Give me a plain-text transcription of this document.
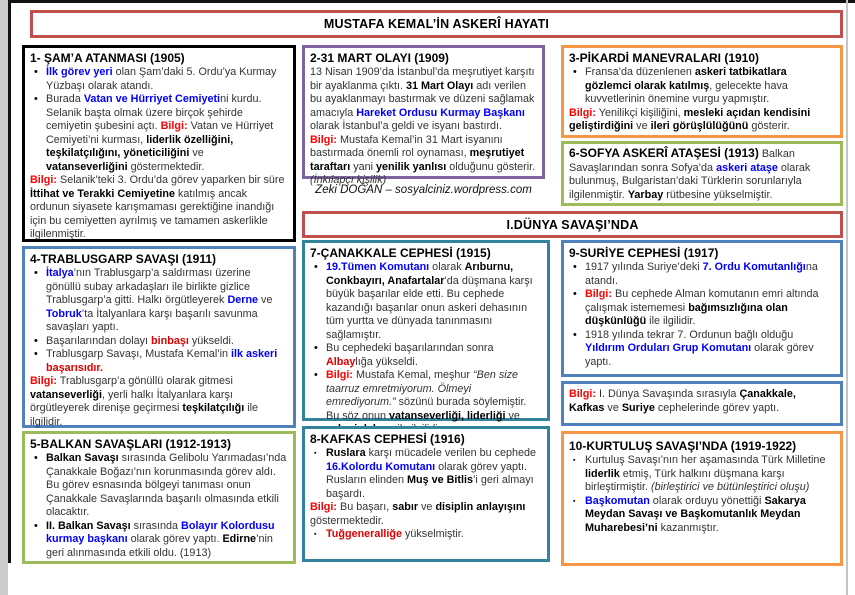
MUSTAFA KEMAL’İN ASKERÎ HAYATI
1- ŞAM’A ATANMASI (1905)
• İlk görev yeri olan Şam’daki 5. Ordu’ya Kurmay Yüzbaşı olarak atandı.
• Burada Vatan ve Hürriyet Cemiyetini kurdu. Selanik başta olmak üzere birçok şehirde cemiyetin şubesini açtı. Bilgi: Vatan ve Hürriyet Cemiyeti’ni kurması, liderlik özelliğini, teşkilatçılığını, yöneticiliğini ve vatanseverliğini göstermektedir.
Bilgi: Selanik’teki 3. Ordu’da görev yaparken bir süre İttihat ve Terakki Cemiyetine katılmış ancak ordunun siyasete karışmaması gerektiğine inandığı için bu cemiyetten ayrılmış ve tamamen askerlikle ilgilenmiştir.
4-TRABLUSGARP SAVAŞI (1911)
• İtalya’nın Trablusgarp’a saldırması üzerine gönüllü subay arkadaşları ile birlikte gizlice Trablusgarp’a gitti. Halkı örgütleyerek Derne ve Tobruk’ta İtalyanlara karşı başarılı savunma savaşları yaptı.
• Başarılarından dolayı binbaşı yükseldi.
• Trablusgarp Savaşı, Mustafa Kemal’in ilk askeri başarısıdır.
Bilgi: Trablusgarp’a gönüllü olarak gitmesi vatanseverliği, yerli halkı İtalyanlara karşı örgütleyerek direnişe geçirmesi teşkilatçılığı ile ilgilidir.
5-BALKAN SAVAŞLARI (1912-1913)
• Balkan Savaşı sırasında Gelibolu Yarımadası’nda Çanakkale Boğazı’nın korunmasında görev aldı. Bu görev esnasında bölgeyi tanıması onun Çanakkale Savaşlarında başarılı olmasında etkili olacaktır.
• II. Balkan Savaşı sırasında Bolayır Kolordusu kurmay başkanı olarak görev yaptı. Edirne’nin geri alınmasında etkili oldu. (1913)
2-31 MART OLAYI (1909)
13 Nisan 1909’da İstanbul’da meşrutiyet karşıtı bir ayaklanma çıktı. 31 Mart Olayı adı verilen bu ayaklanmayı bastırmak ve düzeni sağlamak amacıyla Hareket Ordusu Kurmay Başkanı olarak İstanbul’a geldi ve isyanı bastırdı.
Bilgi: Mustafa Kemal’in 31 Mart isyanını bastırmada önemli rol oynaması, meşrutiyet taraftarı yani yenilik yanlısı olduğunu gösterir. (İnkılapçı kişilik)
Zeki DOĞAN – sosyalciniz.wordpress.com
I.DÜNYA SAVAŞI’NDA
7-ÇANAKKALE CEPHESİ (1915)
• 19.Tümen Komutanı olarak Arıburnu, Conkbayırı, Anafartalar’da düşmana karşı büyük başarılar elde etti. Bu cephede kazandığı başarılar onun askeri dehasının tüm yurtta ve dünyada tanınmasını sağlamıştır.
• Bu cephedeki başarılarından sonra Albaylığa yükseldi.
• Bilgi: Mustafa Kemal, meşhur “Ben size taarruz emretmiyorum. Ölmeyi emrediyorum.” sözünü burada söylemiştir. Bu söz onun vatanseverliği, liderliği ve
8-KAFKAS CEPHESİ (1916)
▪ Ruslara karşı mücadele verilen bu cephede 16.Kolordu Komutanı olarak görev yaptı. Rusların elinden Muş ve Bitlis’i geri almayı başardı.
Bilgi: Bu başarı, sabır ve disiplin anlayışını göstermektedir.
▪ Tuğgeneralliğe yükselmiştir.
3-PİKARDİ MANEVRALARI (1910)
• Fransa’da düzenlenen askeri tatbikatlara gözlemci olarak katılmış, gelecekte hava kuvvetlerinin önemine vurgu yapmıştır.
Bilgi: Yenilikçi kişiliğini, mesleki açıdan kendisini geliştirdiğini ve ileri görüşlülüğünü gösterir.
6-SOFYA ASKERÎ ATAŞESİ (1913) Balkan Savaşlarından sonra Sofya’da askeri ataşe olarak bulunmuş, Bulgaristan’daki Türklerin sorunlarıyla ilgilenmiştir. Yarbay rütbesine yükselmiştir.
9-SURİYE CEPHESİ (1917)
• 1917 yılında Suriye’deki 7. Ordu Komutanlığına atandı.
• Bilgi: Bu cephede Alman komutanın emri altında çalışmak istememesi bağımsızlığına olan düşkünlüğü ile ilgilidir.
• 1918 yılında tekrar 7. Ordunun bağlı olduğu Yıldırım Orduları Grup Komutanı olarak görev yaptı.
Bilgi: I. Dünya Savaşında sırasıyla Çanakkale, Kafkas ve Suriye cephelerinde görev yaptı.
10-KURTULUŞ SAVAŞI’NDA (1919-1922)
▪ Kurtuluş Savaşı’nın her aşamasında Türk Milletine liderlik etmiş, Türk halkını düşmana karşı birleştirmiştir. (birleştirici ve bütünleştirici oluşu)
▪ Başkomutan olarak orduyu yönettiği Sakarya Meydan Savaşı ve Başkomutanlık Meydan Muharebesi’ni kazanmıştır.
